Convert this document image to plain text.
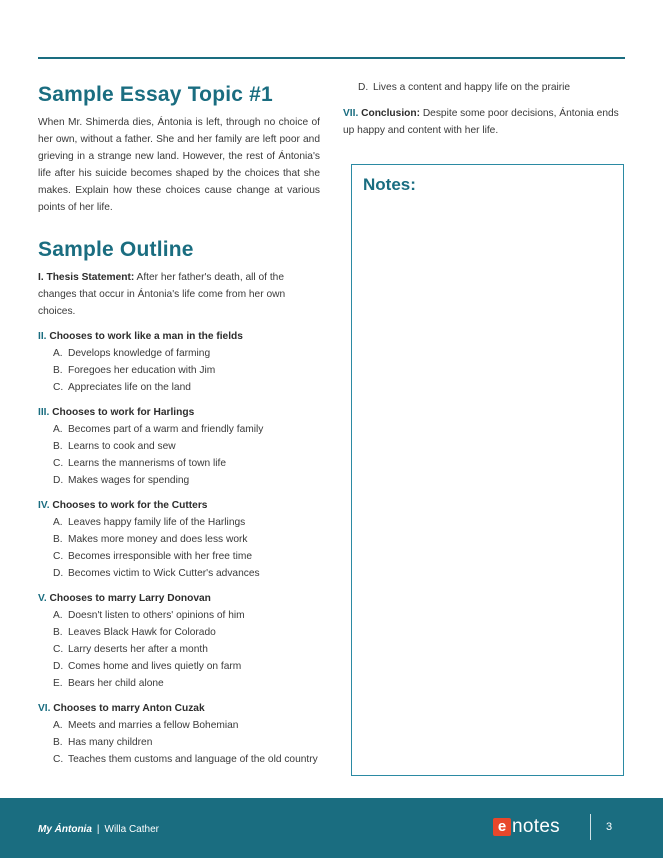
Sample Essay Topic #1

When Mr. Shimerda dies, Ántonia is left, through no choice of her own, without a father. She and her family are left poor and grieving in a strange new land. However, the rest of Ántonia's life after his suicide becomes shaped by the choices that she makes. Explain how these choices cause change at various points of her life.

Sample Outline

I. Thesis Statement: After her father's death, all of the changes that occur in Ántonia's life come from her own choices.

II. Chooses to work like a man in the fields
A. Develops knowledge of farming
B. Foregoes her education with Jim
C. Appreciates life on the land
III. Chooses to work for Harlings
A. Becomes part of a warm and friendly family
B. Learns to cook and sew
C. Learns the mannerisms of town life
D. Makes wages for spending
IV. Chooses to work for the Cutters
A. Leaves happy family life of the Harlings
B. Makes more money and does less work
C. Becomes irresponsible with her free time
D. Becomes victim to Wick Cutter's advances
V. Chooses to marry Larry Donovan
A. Doesn't listen to others' opinions of him
B. Leaves Black Hawk for Colorado
C. Larry deserts her after a month
D. Comes home and lives quietly on farm
E. Bears her child alone
VI. Chooses to marry Anton Cuzak
A. Meets and marries a fellow Bohemian
B. Has many children
C. Teaches them customs and language of the old country
D. Lives a content and happy life on the prairie

VII. Conclusion: Despite some poor decisions, Ántonia ends up happy and content with her life.

Notes:
My Ántonia | Willa Cather	e notes	3
